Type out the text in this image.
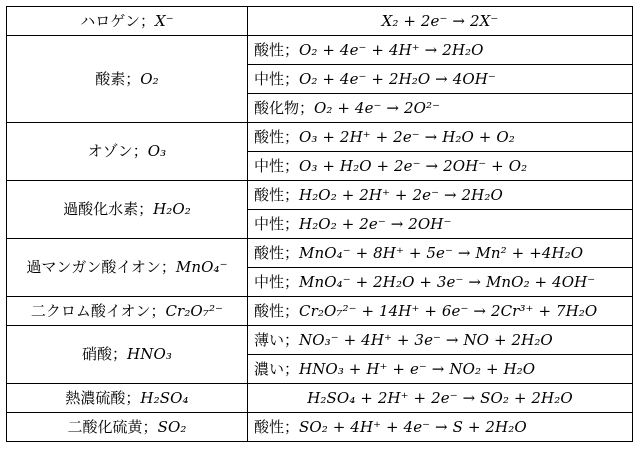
ハロゲン；X⁻	X₂ + 2e⁻ → 2X⁻
酸素；O₂	酸性；O₂ + 4e⁻ + 4H⁺ → 2H₂O
	中性；O₂ + 4e⁻ + 2H₂O → 4OH⁻
	酸化物；O₂ + 4e⁻ → 2O²⁻
オゾン；O₃	酸性；O₃ + 2H⁺ + 2e⁻ → H₂O + O₂
	中性；O₃ + H₂O + 2e⁻ → 2OH⁻ + O₂
過酸化水素；H₂O₂	酸性；H₂O₂ + 2H⁺ + 2e⁻ → 2H₂O
	中性；H₂O₂ + 2e⁻ → 2OH⁻
過マンガン酸イオン；MnO₄⁻	酸性；MnO₄⁻ + 8H⁺ + 5e⁻ → Mn² + +4H₂O
	中性；MnO₄⁻ + 2H₂O + 3e⁻ → MnO₂ + 4OH⁻
二クロム酸イオン；Cr₂O₇²⁻	酸性；Cr₂O₇²⁻ + 14H⁺ + 6e⁻ → 2Cr³⁺ + 7H₂O
硝酸；HNO₃	薄い；NO₃⁻ + 4H⁺ + 3e⁻ → NO + 2H₂O
	濃い；HNO₃ + H⁺ + e⁻ → NO₂ + H₂O
熱濃硫酸；H₂SO₄	H₂SO₄ + 2H⁺ + 2e⁻ → SO₂ + 2H₂O
二酸化硫黄；SO₂	酸性；SO₂ + 4H⁺ + 4e⁻ → S + 2H₂O
